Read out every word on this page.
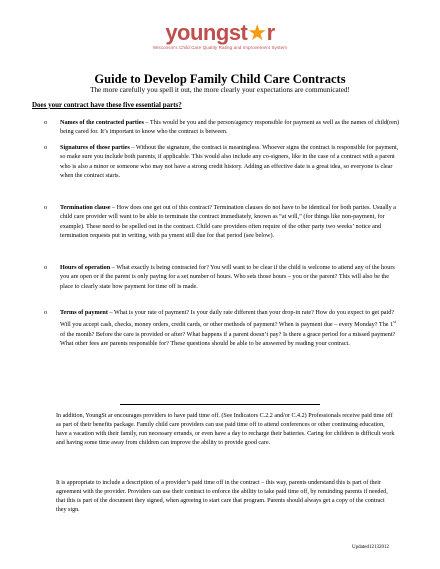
youngst★r
Wisconsin's Child Care Quality Rating and Improvement System
Guide to Develop Family Child Care Contracts
The more carefully you spell it out, the more clearly your expectations are communicated!
Does your contract have these five essential parts?
o Names of the contracted parties – This would be you and the person/agency responsible for payment as well as the names of child(ren) being cared for. It’s important to know who the contract is between.
o Signatures of those parties – Without the signature, the contract is meaningless. Whoever signs the contract is responsible for payment, so make sure you include both parents, if applicable. This would also include any co-signers, like in the case of a contract with a parent who is also a minor or someone who may not have a strong credit history. Adding an effective date is a great idea, so everyone is clear when the contract starts.
o Termination clause – How does one get out of this contract? Termination clauses do not have to be identical for both parties. Usually a child care provider will want to be able to terminate the contract immediately, known as “at will,” (for things like non-payment, for example). These need to be spelled out in the contract. Child care providers often require of the other party two weeks’ notice and termination requests put in writing, with pa yment still due for that period (see below).
o Hours of operation – What exactly is being contracted for? You will want to be clear if the child is welcome to attend any of the hours you are open or if the parent is only paying for a set number of hours. Who sets those hours – you or the parent? This will also be the place to clearly state how payment for time off is made.
o Terms of payment – What is your rate of payment? Is your daily rate different than your drop-in rate? How do you expect to get paid? Will you accept cash, checks, money orders, credit cards, or other methods of payment? When is payment due – every Monday? The 1st of the month? Before the care is provided or after? What happens if a parent doesn’t pay? Is there a grace period for a missed payment? What other fees are parents responsible for? These questions should be able to be answered by reading your contract.
In addition, YoungSt ar encourages providers to have paid time off. (See Indicators C.2.2 and/or C.4.2) Professionals receive paid time off as part of their benefits package. Family child care providers can use paid time off to attend conferences or other continuing education, have a vacation with their family, run necessary errands, or even have a day to recharge their batteries. Caring for children is difficult work and having some time away from children can improve the ability to provide good care.
It is appropriate to include a description of a provider’s paid time off in the contract – this way, parents understand this is part of their agreement with the provider. Providers can use their contract to enforce the ability to take paid time off, by reminding parents if needed, that this is part of the document they signed, when agreeing to start care that program. Parents should always get a copy of the contract they sign.
Updated12132012
